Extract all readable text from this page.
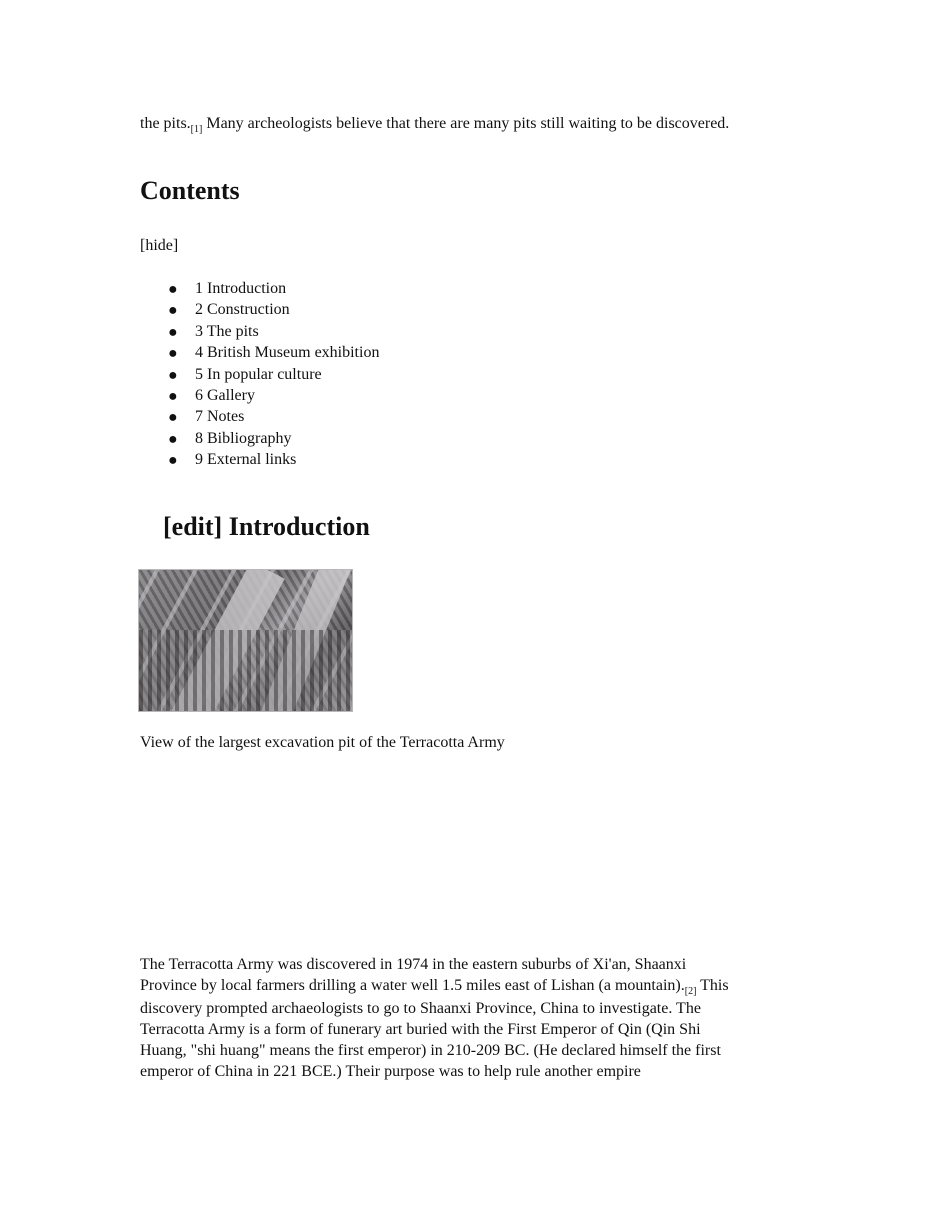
the pits.[1] Many archeologists believe that there are many pits still waiting to be discovered.
Contents
[hide]
● 1 Introduction
● 2 Construction
● 3 The pits
● 4 British Museum exhibition
● 5 In popular culture
● 6 Gallery
● 7 Notes
● 8 Bibliography
● 9 External links
[edit] Introduction
View of the largest excavation pit of the Terracotta Army
The Terracotta Army was discovered in 1974 in the eastern suburbs of Xi'an, Shaanxi Province by local farmers drilling a water well 1.5 miles east of Lishan (a mountain).[2] This discovery prompted archaeologists to go to Shaanxi Province, China to investigate. The Terracotta Army is a form of funerary art buried with the First Emperor of Qin (Qin Shi Huang, "shi huang" means the first emperor) in 210-209 BC. (He declared himself the first emperor of China in 221 BCE.) Their purpose was to help rule another empire
